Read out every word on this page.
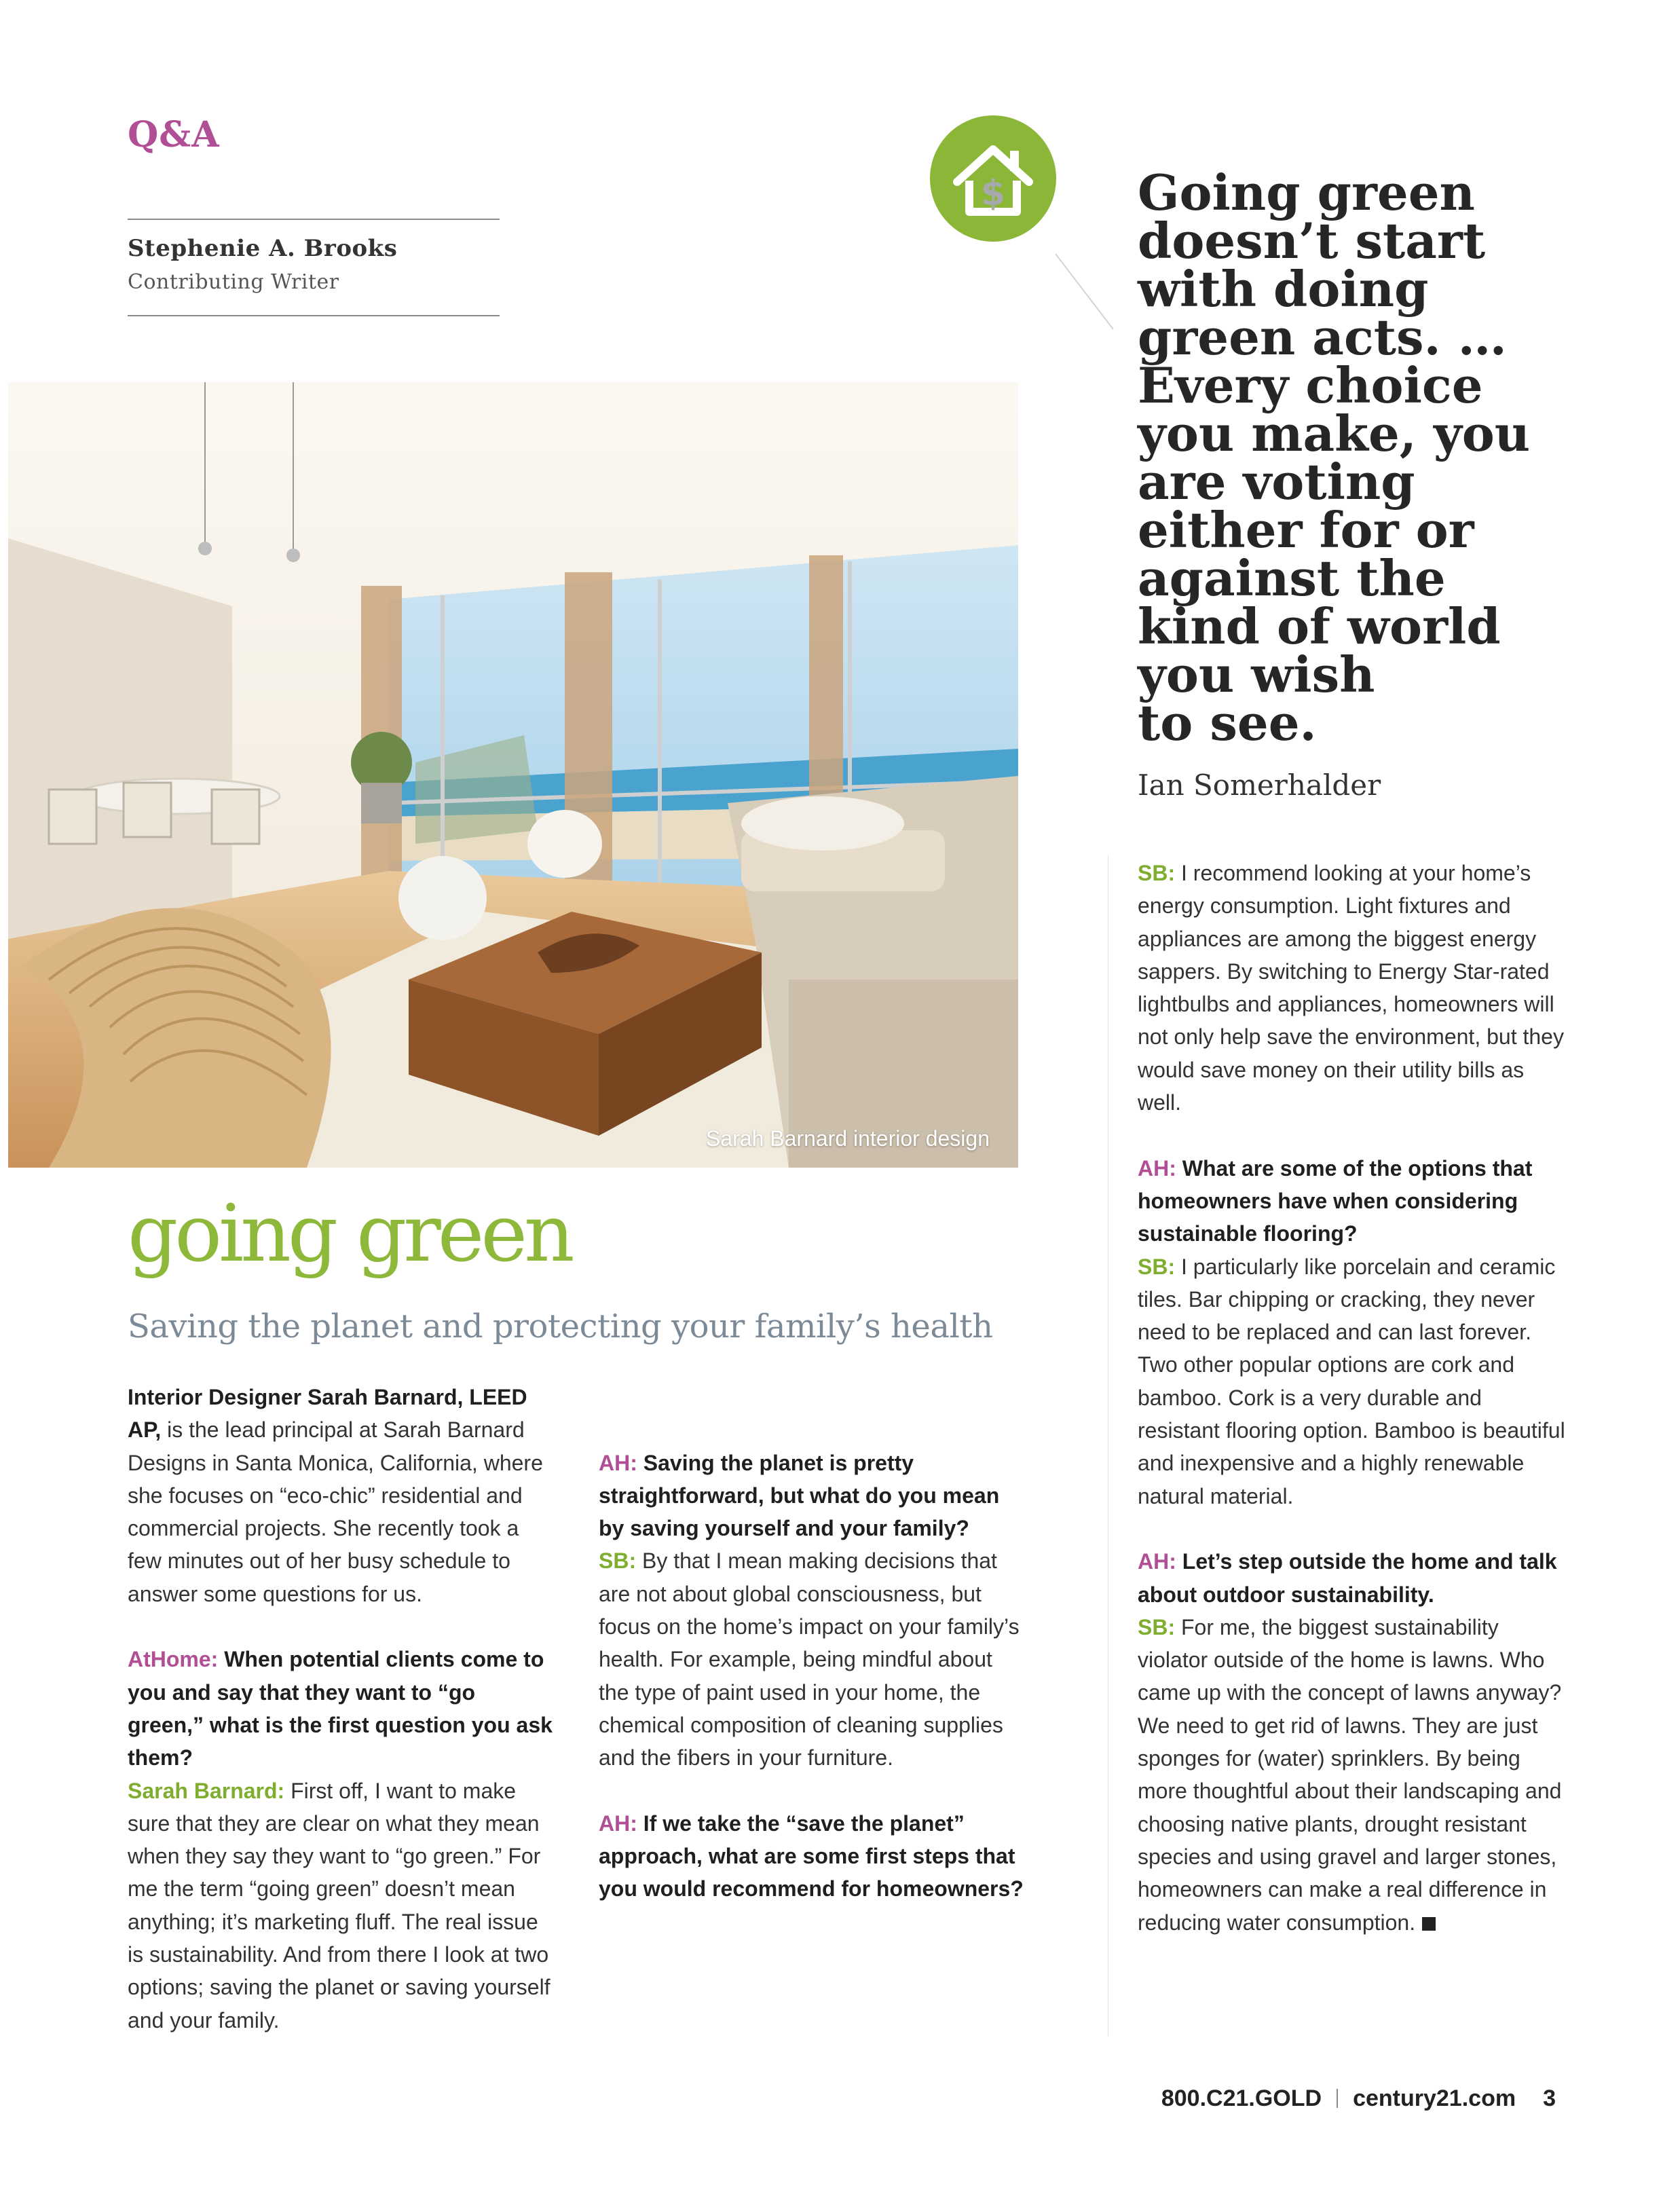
Q&A
Stephenie A. Brooks
Contributing Writer
$
Sarah Barnard interior design

Going green
doesn’t start
with doing
green acts. …
Every choice
you make, you
are voting
either for or
against the
kind of world
you wish
to see.

Ian Somerhalder
going green
Saving the planet and protecting your family’s health

Interior Designer Sarah Barnard, LEED AP, is the lead principal at Sarah Barnard Designs in Santa Monica, California, where she focuses on “eco-chic” residential and commercial projects. She recently took a few minutes out of her busy schedule to answer some questions for us.

AtHome: When potential clients come to you and say that they want to “go green,” what is the first question you ask them?
Sarah Barnard: First off, I want to make sure that they are clear on what they mean when they say they want to “go green.” For me the term “going green” doesn’t mean anything; it’s marketing fluff. The real issue is sustainability. And from there I look at two options; saving the planet or saving yourself and your family.

AH: Saving the planet is pretty straightforward, but what do you mean by saving yourself and your family?
SB: By that I mean making decisions that are not about global consciousness, but focus on the home’s impact on your family’s health. For example, being mindful about the type of paint used in your home, the chemical composition of cleaning supplies and the fibers in your furniture.

AH: If we take the “save the planet” approach, what are some first steps that you would recommend for homeowners?

SB: I recommend looking at your home’s energy consumption. Light fixtures and appliances are among the biggest energy sappers. By switching to Energy Star-rated lightbulbs and appliances, homeowners will not only help save the environment, but they would save money on their utility bills as well.

AH: What are some of the options that homeowners have when considering sustainable flooring?
SB: I particularly like porcelain and ceramic tiles. Bar chipping or cracking, they never need to be replaced and can last forever. Two other popular options are cork and bamboo. Cork is a very durable and resistant flooring option. Bamboo is beautiful and inexpensive and a highly renewable natural material.

AH: Let’s step outside the home and talk about outdoor sustainability.
SB: For me, the biggest sustainability violator outside of the home is lawns. Who came up with the concept of lawns anyway? We need to get rid of lawns. They are just sponges for (water) sprinklers. By being more thoughtful about their landscaping and choosing native plants, drought resistant species and using gravel and larger stones, homeowners can make a real difference in reducing water consumption.

800.C21.GOLD century21.com 3
